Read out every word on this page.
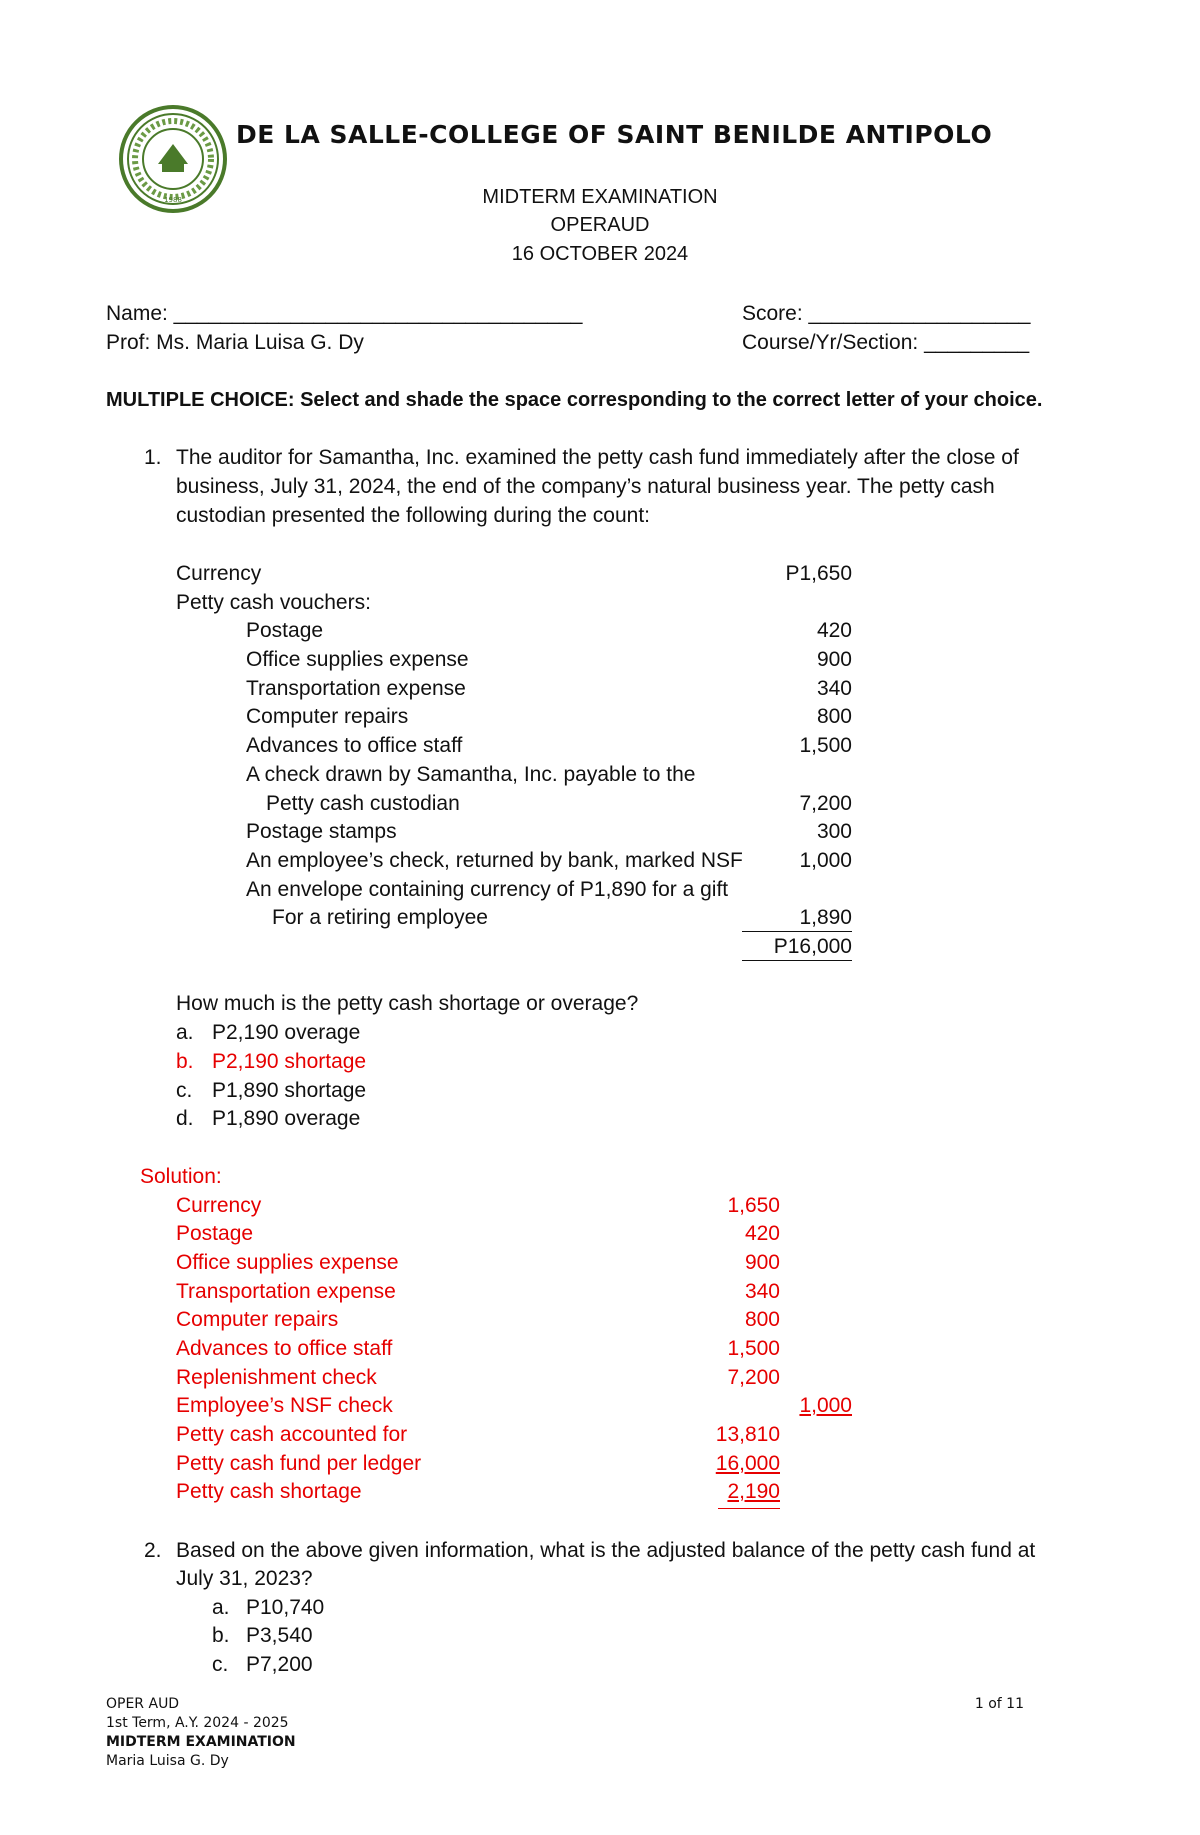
1988
DE LA SALLE-COLLEGE OF SAINT BENILDE ANTIPOLO
MIDTERM EXAMINATION
OPERAUD
16 OCTOBER 2024
Name: ___________________________________	Score: ___________________
Prof: Ms. Maria Luisa G. Dy	Course/Yr/Section: _________
MULTIPLE CHOICE: Select and shade the space corresponding to the correct letter of your choice.
1. The auditor for Samantha, Inc. examined the petty cash fund immediately after the close of
business, July 31, 2024, the end of the company’s natural business year. The petty cash
custodian presented the following during the count:
Currency	P1,650
Petty cash vouchers:
Postage	420
Office supplies expense	900
Transportation expense	340
Computer repairs	800
Advances to office staff	1,500
A check drawn by Samantha, Inc. payable to the
Petty cash custodian	7,200
Postage stamps	300
An employee’s check, returned by bank, marked NSF	1,000
An envelope containing currency of P1,890 for a gift
For a retiring employee	1,890
P16,000
How much is the petty cash shortage or overage?
a. P2,190 overage
b. P2,190 shortage
c. P1,890 shortage
d. P1,890 overage
Solution:
Currency	1,650
Postage	420
Office supplies expense	900
Transportation expense	340
Computer repairs	800
Advances to office staff	1,500
Replenishment check	7,200
Employee’s NSF check	1,000
Petty cash accounted for	13,810
Petty cash fund per ledger	16,000
Petty cash shortage	2,190
2. Based on the above given information, what is the adjusted balance of the petty cash fund at
July 31, 2023?
a. P10,740
b. P3,540
c. P7,200
OPER AUD
1st Term, A.Y. 2024 - 2025
MIDTERM EXAMINATION
Maria Luisa G. Dy
1 of 11
